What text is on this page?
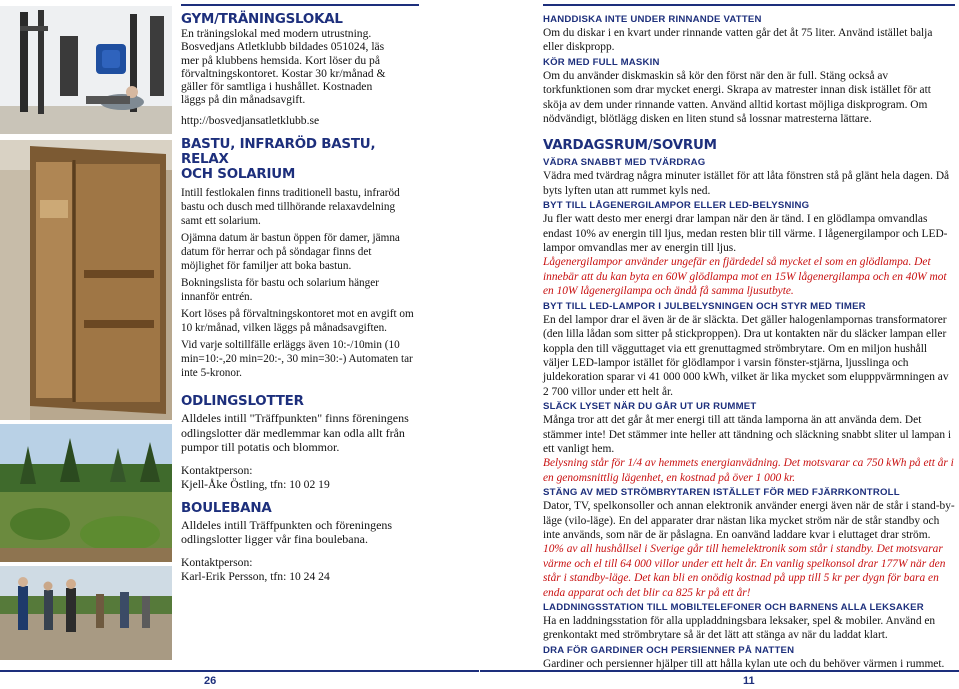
GYM/TRÄNINGSLOKAL
En träningslokal med modern utrustning.
Bosvedjans Atletklubb bildades 051024, läs
mer på klubbens hemsida. Kort löser du på
förvaltningskontoret. Kostar 30 kr/månad &
gäller för samtliga i hushållet. Kostnaden
läggs på din månadsavgift.
http://bosvedjansatletklubb.se
BASTU, INFRARÖD BASTU, RELAX
OCH SOLARIUM

Intill festlokalen finns traditionell bastu, infraröd bastu och dusch med tillhörande relaxavdelning samt ett solarium.

Ojämna datum är bastun öppen för damer, jämna datum för herrar och på söndagar finns det möjlighet för familjer att boka bastun.

Bokningslista för bastu och solarium hänger innanför entrén.

Kort löses på förvaltningskontoret mot en avgift om 10 kr/månad, vilken läggs på månadsavgiften.

Vid varje soltillfälle erläggs även 10:-/10min (10 min=10:-,20 min=20:-, 30 min=30:-) Automaten tar inte 5-kronor.

ODLINGSLOTTER

Alldeles intill "Träffpunkten" finns föreningens odlingslotter där medlemmar kan odla allt från pumpor till potatis och blommor.

Kontaktperson:

Kjell-Åke Östling, tfn: 10 02 19

BOULEBANA

Alldeles intill Träffpunkten och föreningens odlingslotter ligger vår fina boulebana.

Kontaktperson:

Karl-Erik Persson, tfn: 10 24 24

26
HANDDISKA INTE UNDER RINNANDE VATTEN

Om du diskar i en kvart under rinnande vatten går det åt 75 liter. Använd istället balja eller diskpropp.

KÖR MED FULL MASKIN

Om du använder diskmaskin så kör den först när den är full. Stäng också av torkfunktionen som drar mycket energi. Skrapa av matrester innan disk istället för att sköja av dem under rinnande vatten. Använd alltid kortast möjliga diskprogram. Om nödvändigt, blötlägg disken en liten stund så lossnar matresterna lättare.

VARDAGSRUM/SOVRUM
VÄDRA SNABBT MED TVÄRDRAG

Vädra med tvärdrag några minuter istället för att låta fönstren stå på glänt hela dagen. Då byts lyften utan att rummet kyls ned.

BYT TILL LÅGENERGILAMPOR ELLER LED-BELYSNING

Ju fler watt desto mer energi drar lampan när den är tänd. I en glödlampa omvandlas endast 10% av energin till ljus, medan resten blir till värme. I lågenergilampor och LED-lampor omvandlas mer av energin till ljus.

Lågenergilampor använder ungefär en fjärdedel så mycket el som en glödlampa. Det innebär att du kan byta en 60W glödlampa mot en 15W lågenergilampa och en 40W mot en 10W lågenergilampa och ändå få samma ljusutbyte.

BYT TILL LED-LAMPOR I JULBELYSNINGEN OCH STYR MED TIMER

En del lampor drar el även är de är släckta. Det gäller halogenlampornas transformatorer (den lilla lådan som sitter på stickproppen). Dra ut kontakten när du släcker lampan eller koppla den till vägguttaget via ett grenuttagmed strömbrytare. Om en miljon hushåll väljer LED-lampor istället för glödlampor i varsin fönster-stjärna, ljusslinga och juldekoration sparar vi 41 000 000 kWh, vilket är lika mycket som elupppvärmningen av 2 700 villor under ett helt år.

SLÄCK LYSET NÄR DU GÅR UT UR RUMMET

Många tror att det går åt mer energi till att tända lamporna än att använda dem. Det stämmer inte! Det stämmer inte heller att tändning och släckning snabbt sliter ul lampan i ett vanligt hem.

Belysning står för 1/4 av hemmets energianvädning. Det motsvarar ca 750 kWh på ett år i en genomsnittlig lägenhet, en kostnad på över 1 000 kr.

STÄNG AV MED STRÖMBRYTAREN ISTÄLLET FÖR MED FJÄRRKONTROLL

Dator, TV, spelkonsoller och annan elektronik använder energi även när de står i stand-by-läge (vilo-läge). En del apparater drar nästan lika mycket ström när de står standby och inte används, som när de är påslagna. En oanvänd laddare kvar i eluttaget drar ström.

10% av all hushållsel i Sverige går till hemelektronik som står i standby. Det motsvarar värme och el till 64 000 villor under ett helt år. En vanlig spelkonsol drar 177W när den står i standby-läge. Det kan bli en onödig kostnad på upp till 5 kr per dygn för bara en enda apparat och det blir ca 825 kr på ett år!

LADDNINGSSTATION TILL MOBILTELEFONER OCH BARNENS ALLA LEKSAKER

Ha en laddningsstation för alla uppladdningsbara leksaker, spel & mobiler. Använd en grenkontakt med strömbrytare så är det lätt att stänga av när du laddat klart.

DRA FÖR GARDINER OCH PERSIENNER PÅ NATTEN

Gardiner och persienner hjälper till att hålla kylan ute och du behöver värmen i rummet.

11
